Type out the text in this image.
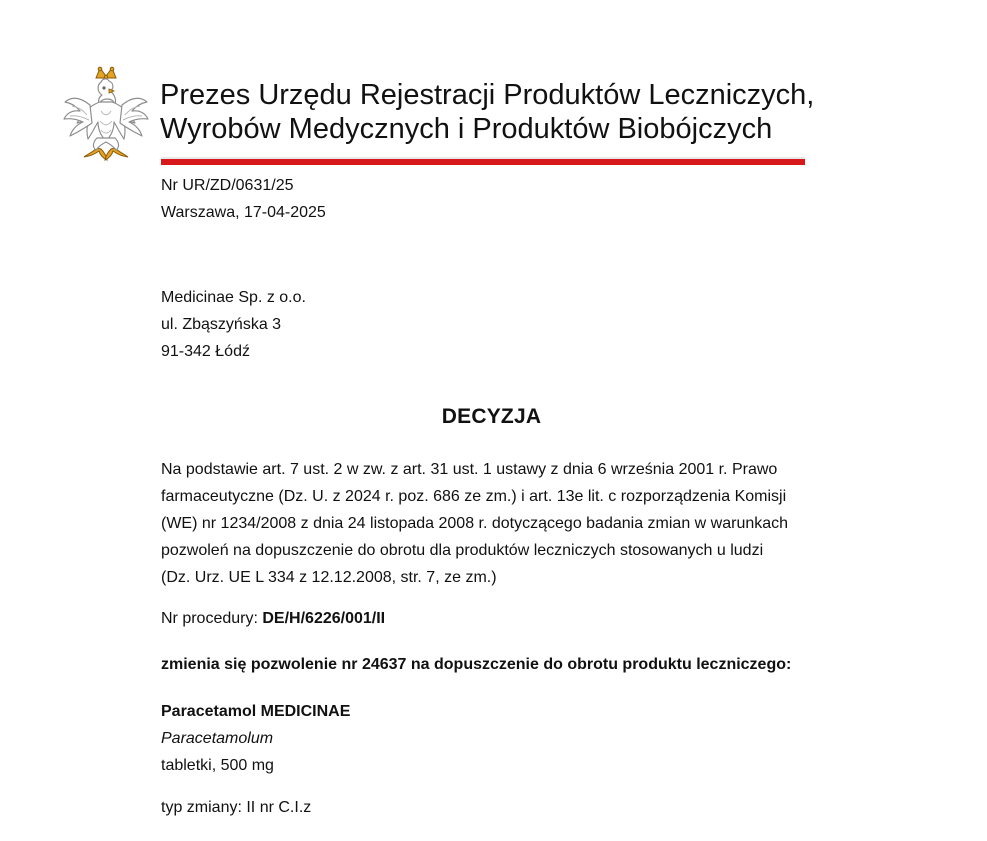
Prezes Urzędu Rejestracji Produktów Leczniczych,
Wyrobów Medycznych i Produktów Biobójczych
Nr UR/ZD/0631/25
Warszawa, 17-04-2025
Medicinae Sp. z o.o.
ul. Zbąszyńska 3
91-342 Łódź
DECYZJA
Na podstawie art. 7 ust. 2 w zw. z art. 31 ust. 1 ustawy z dnia 6 września 2001 r. Prawo
farmaceutyczne (Dz. U. z 2024 r. poz. 686 ze zm.) i art. 13e lit. c rozporządzenia Komisji
(WE) nr 1234/2008 z dnia 24 listopada 2008 r. dotyczącego badania zmian w warunkach
pozwoleń na dopuszczenie do obrotu dla produktów leczniczych stosowanych u ludzi
(Dz. Urz. UE L 334 z 12.12.2008, str. 7, ze zm.)
Nr procedury: DE/H/6226/001/II
zmienia się pozwolenie nr 24637 na dopuszczenie do obrotu produktu leczniczego:
Paracetamol MEDICINAE
Paracetamolum
tabletki, 500 mg
typ zmiany: II nr C.I.z
